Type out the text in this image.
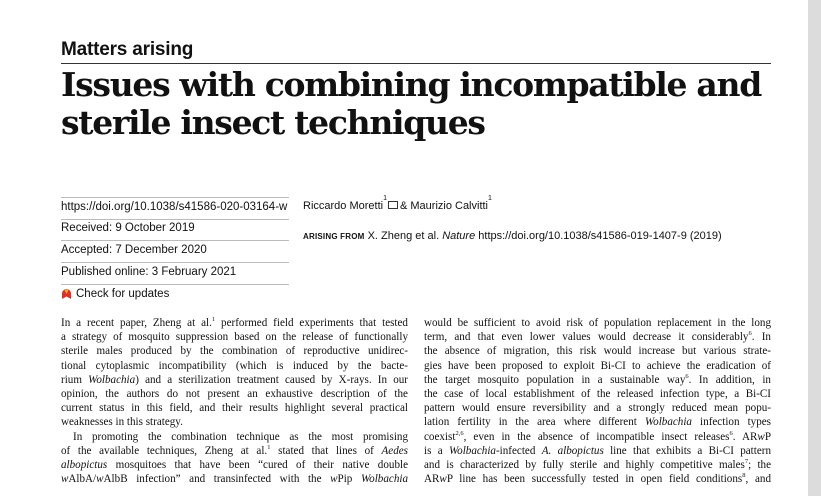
Matters arising
Issues with combining incompatible and sterile insect techniques
https://doi.org/10.1038/s41586-020-03164-w
Received: 9 October 2019
Accepted: 7 December 2020
Published online: 3 February 2021
Check for updates
Riccardo Moretti
$^1$
& Maurizio Calvitti
$^1$
ARISING FROM X. Zheng et al. Nature https://doi.org/10.1038/s41586-019-1407-9 (2019)
In a recent paper, Zheng at al.$^1$ performed field experiments that tested
a strategy of mosquito suppression based on the release of functionally
sterile males produced by the combination of reproductive unidirec-
tional cytoplasmic incompatibility (which is induced by the bacte-
rium Wolbachia) and a sterilization treatment caused by X-rays. In our
opinion, the authors do not present an exhaustive description of the
current status in this field, and their results highlight several practical
weaknesses in this strategy.
In promoting the combination technique as the most promising
of the available techniques, Zheng at al.$^1$ stated that lines of Aedes
albopictus mosquitoes that have been “cured of their native double
wAlbA/wAlbB infection” and transinfected with the wPip Wolbachia
would be sufficient to avoid risk of population replacement in the long
term, and that even lower values would decrease it considerably$^6$. In
the absence of migration, this risk would increase but various strate-
gies have been proposed to exploit Bi-CI to achieve the eradication of
the target mosquito population in a sustainable way$^6$. In addition, in
the case of local establishment of the released infection type, a Bi-CI
pattern would ensure reversibility and a strongly reduced mean popu-
lation fertility in the area where different Wolbachia infection types
coexist$^{2,6}$, even in the absence of incompatible insect releases$^6$. ARwP
is a Wolbachia-infected A. albopictus line that exhibits a Bi-CI pattern
and is characterized by fully sterile and highly competitive males$^7$; the
ARwP line has been successfully tested in open field conditions$^8$, and
